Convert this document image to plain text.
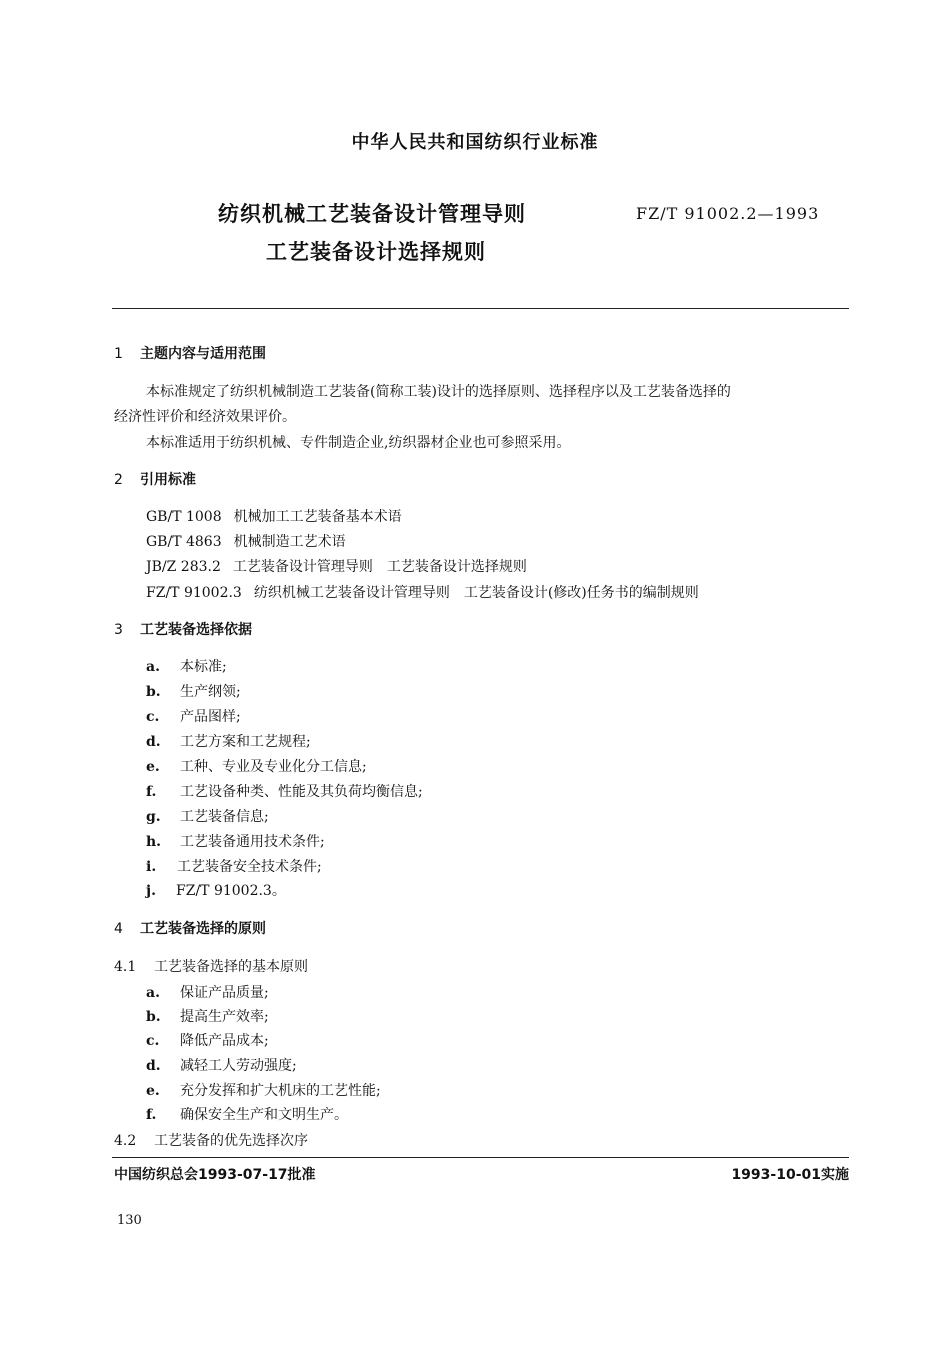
中华人民共和国纺织行业标准
纺织机械工艺装备设计管理导则
工艺装备设计选择规则
FZ/T 91002.2—1993
1 主题内容与适用范围
本标准规定了纺织机械制造工艺装备(简称工装)设计的选择原则、选择程序以及工艺装备选择的
经济性评价和经济效果评价。
本标准适用于纺织机械、专件制造企业,纺织器材企业也可参照采用。
2 引用标准
GB/T 1008 机械加工工艺装备基本术语
GB/T 4863 机械制造工艺术语
JB/Z 283.2 工艺装备设计管理导则　工艺装备设计选择规则
FZ/T 91002.3 纺织机械工艺装备设计管理导则　工艺装备设计(修改)任务书的编制规则
3 工艺装备选择依据
a. 本标准;
b. 生产纲领;
c. 产品图样;
d. 工艺方案和工艺规程;
e. 工种、专业及专业化分工信息;
f. 工艺设备种类、性能及其负荷均衡信息;
g. 工艺装备信息;
h. 工艺装备通用技术条件;
i. 工艺装备安全技术条件;
j. FZ/T 91002.3。
4 工艺装备选择的原则
4.1 工艺装备选择的基本原则
a. 保证产品质量;
b. 提高生产效率;
c. 降低产品成本;
d. 减轻工人劳动强度;
e. 充分发挥和扩大机床的工艺性能;
f. 确保安全生产和文明生产。
4.2 工艺装备的优先选择次序
中国纺织总会1993-07-17批准	1993-10-01实施
130
